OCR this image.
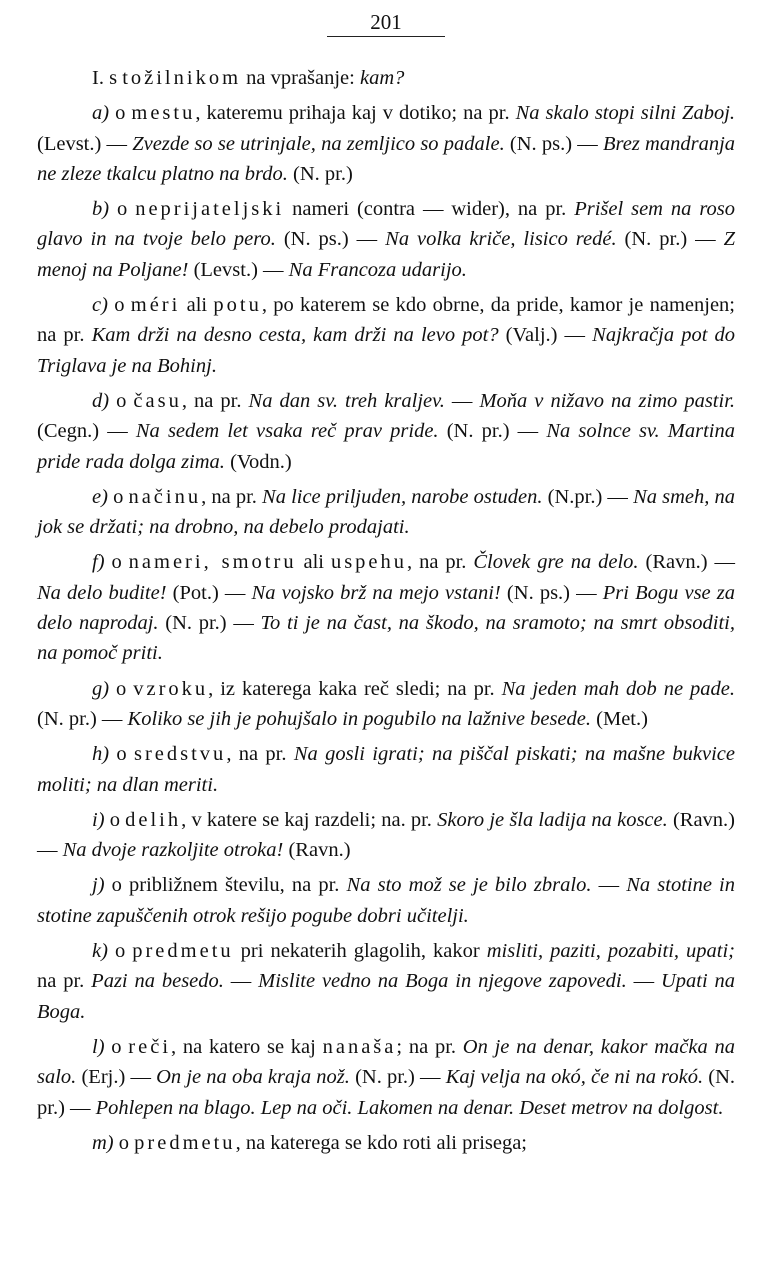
201

I. s tožilnikom na vprašanje: kam?

a) o mestu, kateremu prihaja kaj v dotiko; na pr. Na skalo stopi silni Zaboj. (Levst.) — Zvezde so se utrinjale, na zemljico so padale. (N. ps.) — Brez mandranja ne zleze tkalcu platno na brdo. (N. pr.)

b) o neprijateljski nameri (contra — wider), na pr. Prišel sem na roso glavo in na tvoje belo pero. (N. ps.) — Na volka kriče, lisico redé. (N. pr.) — Z menoj na Poljane! (Levst.) — Na Francoza udarijo.

c) o méri ali potu, po katerem se kdo obrne, da pride, kamor je namenjen; na pr. Kam drži na desno cesta, kam drži na levo pot? (Valj.) — Najkračja pot do Triglava je na Bohinj.

d) o času, na pr. Na dan sv. treh kraljev. — Moňa v nižavo na zimo pastir. (Cegn.) — Na sedem let vsaka reč prav pride. (N. pr.) — Na solnce sv. Martina pride rada dolga zima. (Vodn.)

e) o načinu, na pr. Na lice priljuden, narobe ostuden. (N.pr.) — Na smeh, na jok se držati; na drobno, na debelo prodajati.

f) o nameri, smotru ali uspehu, na pr. Človek gre na delo. (Ravn.) — Na delo budite! (Pot.) — Na vojsko brž na mejo vstani! (N. ps.) — Pri Bogu vse za delo naprodaj. (N. pr.) — To ti je na čast, na škodo, na sramoto; na smrt obsoditi, na pomoč priti.

g) o vzroku, iz katerega kaka reč sledi; na pr. Na jeden mah dob ne pade. (N. pr.) — Koliko se jih je pohujšalo in pogubilo na lažnive besede. (Met.)

h) o sredstvu, na pr. Na gosli igrati; na piščal piskati; na mašne bukvice moliti; na dlan meriti.

i) o delih, v katere se kaj razdeli; na. pr. Skoro je šla ladija na kosce. (Ravn.) — Na dvoje razkoljite otroka! (Ravn.)

j) o približnem številu, na pr. Na sto mož se je bilo zbralo. — Na stotine in stotine zapuščenih otrok rešijo pogube dobri učitelji.

k) o predmetu pri nekaterih glagolih, kakor misliti, paziti, pozabiti, upati; na pr. Pazi na besedo. — Mislite vedno na Boga in njegove zapovedi. — Upati na Boga.

l) o reči, na katero se kaj nanaša; na pr. On je na denar, kakor mačka na salo. (Erj.) — On je na oba kraja nož. (N. pr.) — Kaj velja na okó, če ni na rokó. (N. pr.) — Pohlepen na blago. Lep na oči. Lakomen na denar. Deset metrov na dolgost.

m) o predmetu, na katerega se kdo roti ali prisega;
